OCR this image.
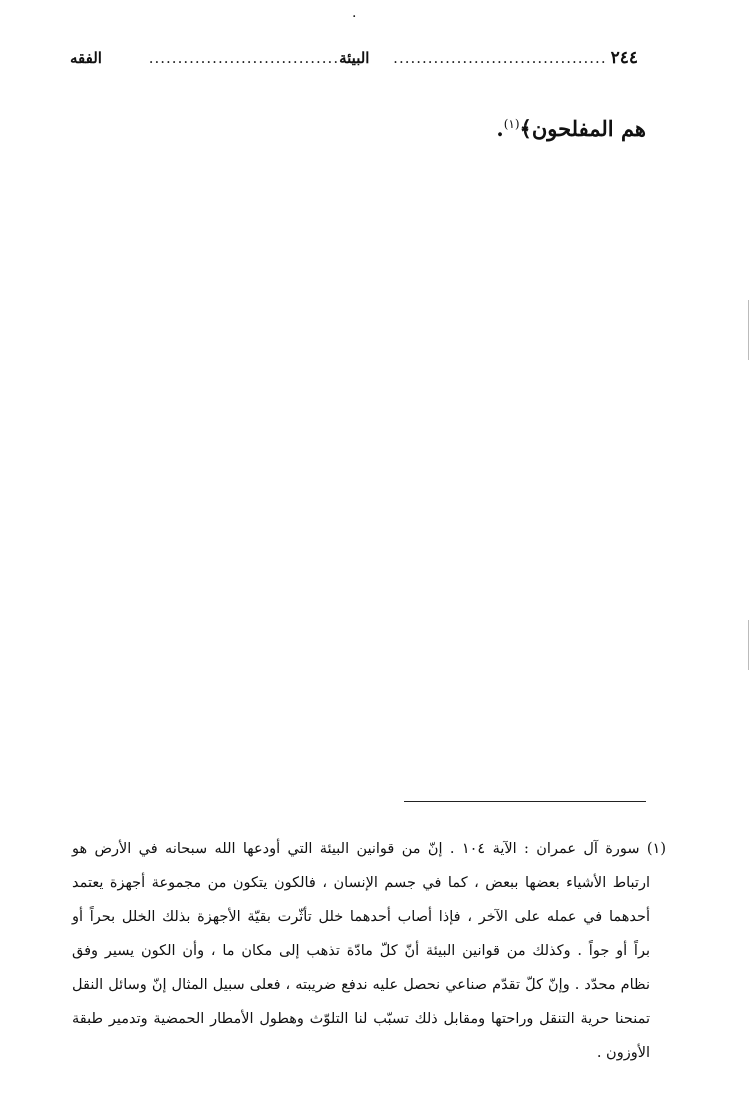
·
٢٤٤
.....................................
البيئة
.................................
الفقه
هم المفلحون﴾$^{(١)}$.
(١) سورة آل عمران : الآية ١٠٤ . إنّ من قوانين البيئة التي أودعها الله سبحانه في الأرض هو
ارتباط الأشياء بعضها ببعض ، كما في جسم الإنسان ، فالكون يتكون من مجموعة أجهزة يعتمد
أحدهما في عمله على الآخر ، فإذا أصاب أحدهما خلل تأثّرت بقيّة الأجهزة بذلك الخلل بحراً أو
براً أو جواً . وكذلك من قوانين البيئة أنّ كلّ مادّة تذهب إلى مكان ما ، وأن الكون يسير وفق
نظام محدّد . وإنّ كلّ تقدّم صناعي نحصل عليه ندفع ضريبته ، فعلى سبيل المثال إنّ وسائل النقل
تمنحنا حرية التنقل وراحتها ومقابل ذلك تسبّب لنا التلوّث وهطول الأمطار الحمضية وتدمير طبقة
الأوزون .
